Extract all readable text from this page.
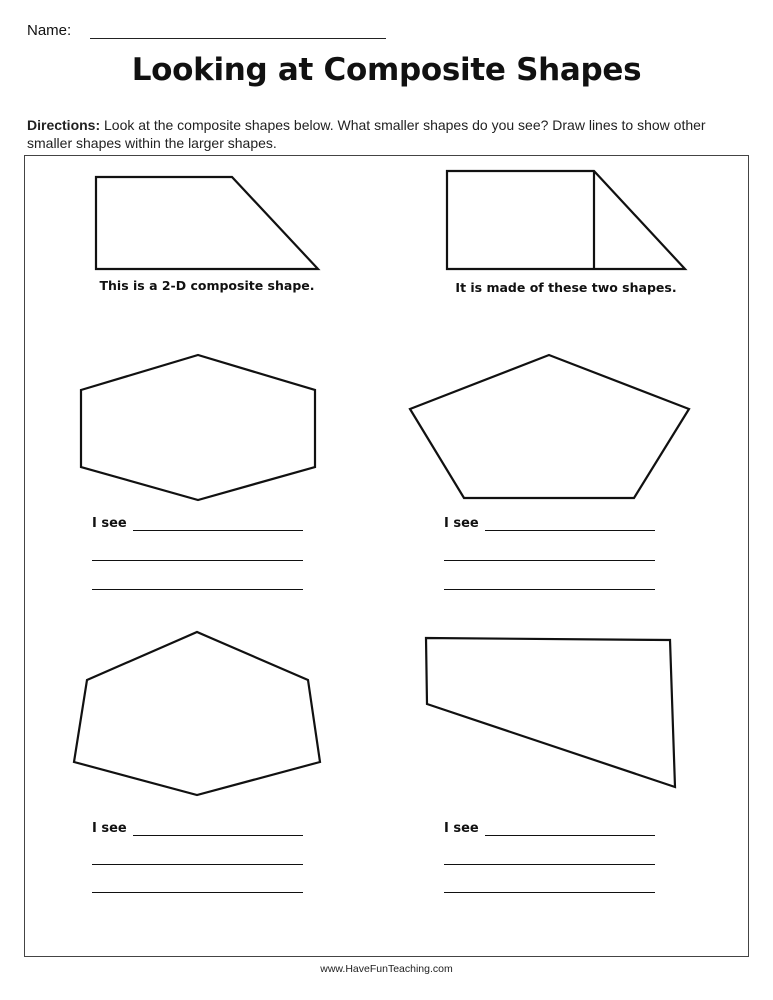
Name:
Looking at Composite Shapes
Directions: Look at the composite shapes below. What smaller shapes do you see? Draw lines to show other smaller shapes within the larger shapes.
This is a 2-D composite shape.	It is made of these two shapes.
I see	I see
I see	I see
www.HaveFunTeaching.com
